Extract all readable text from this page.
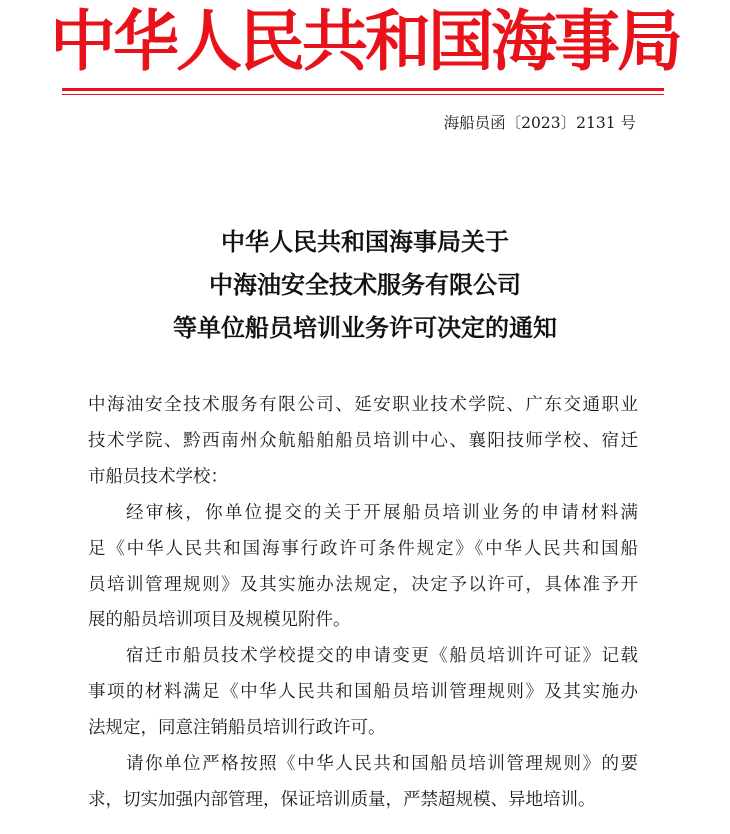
中华人民共和国海事局
海船员函〔2023〕2131 号
中华人民共和国海事局关于
中海油安全技术服务有限公司
等单位船员培训业务许可决定的通知
中海油安全技术服务有限公司、延安职业技术学院、广东交通职业
技术学院、黔西南州众航船舶船员培训中心、襄阳技师学校、宿迁
市船员技术学校：
经审核，你单位提交的关于开展船员培训业务的申请材料满
足《中华人民共和国海事行政许可条件规定》《中华人民共和国船
员培训管理规则》及其实施办法规定，决定予以许可，具体准予开
展的船员培训项目及规模见附件。
宿迁市船员技术学校提交的申请变更《船员培训许可证》记载
事项的材料满足《中华人民共和国船员培训管理规则》及其实施办
法规定，同意注销船员培训行政许可。
请你单位严格按照《中华人民共和国船员培训管理规则》的要
求，切实加强内部管理，保证培训质量，严禁超规模、异地培训。
